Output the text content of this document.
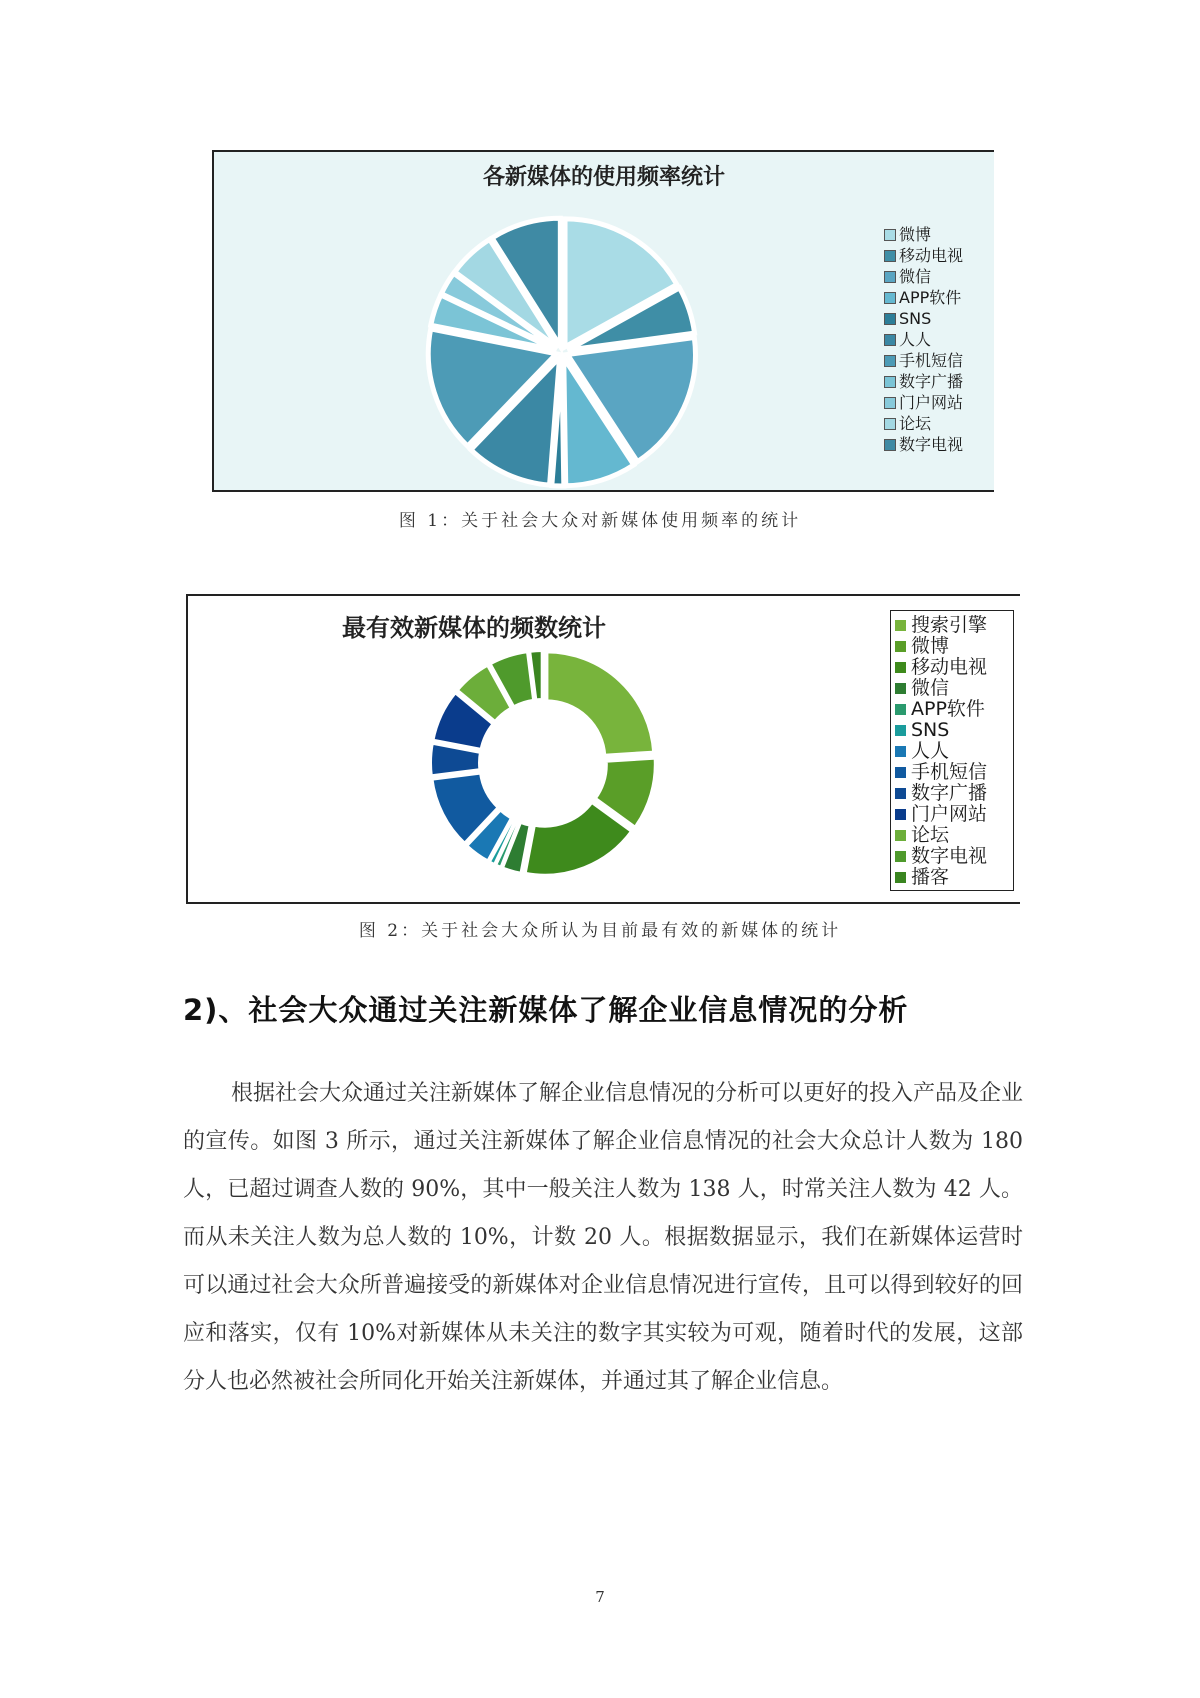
各新媒体的使用频率统计
微博
移动电视
微信
APP软件
SNS
人人
手机短信
数字广播
门户网站
论坛
数字电视
图 1：关于社会大众对新媒体使用频率的统计
最有效新媒体的频数统计	搜索引擎
微博
移动电视
微信
APP软件
SNS
人人
手机短信
数字广播
门户网站
论坛
数字电视
播客
图 2：关于社会大众所认为目前最有效的新媒体的统计
2)、社会大众通过关注新媒体了解企业信息情况的分析

根据社会大众通过关注新媒体了解企业信息情况的分析可以更好的投入产品及企业的宣传。如图 3 所示，通过关注新媒体了解企业信息情况的社会大众总计人数为 180 人，已超过调查人数的 90%，其中一般关注人数为 138 人，时常关注人数为 42 人。而从未关注人数为总人数的 10%，计数 20 人。根据数据显示，我们在新媒体运营时可以通过社会大众所普遍接受的新媒体对企业信息情况进行宣传，且可以得到较好的回应和落实，仅有 10%对新媒体从未关注的数字其实较为可观，随着时代的发展，这部分人也必然被社会所同化开始关注新媒体，并通过其了解企业信息。

7
